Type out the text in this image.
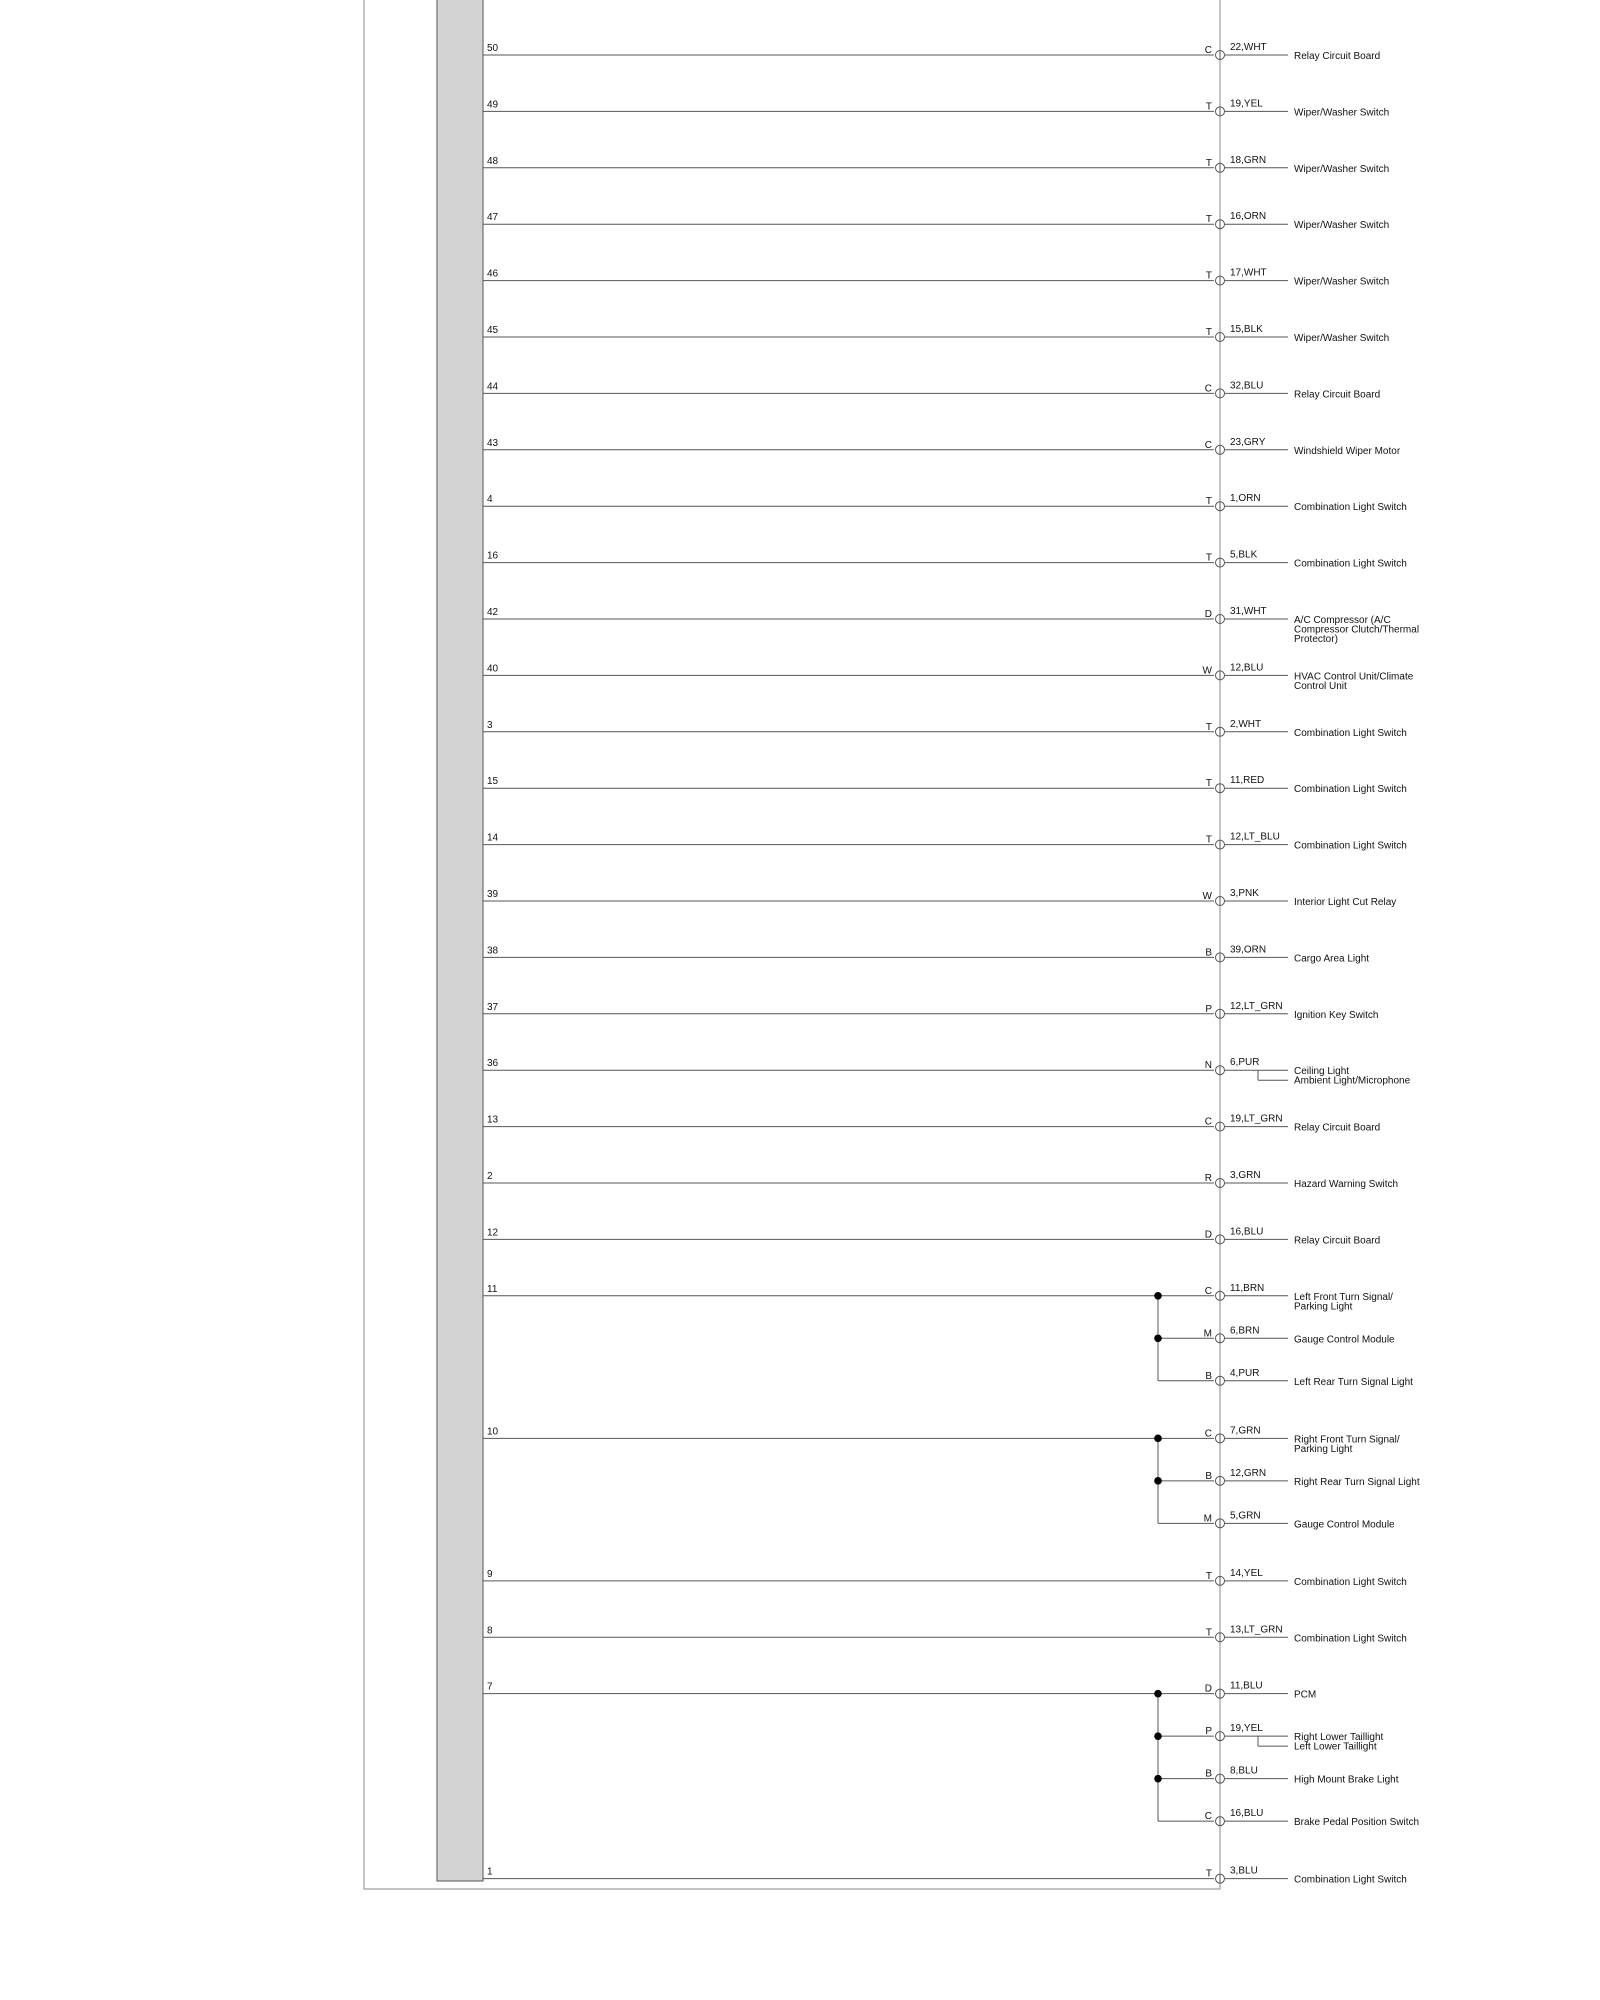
50	C 22,WHT
Relay Circuit Board
49	T 19,YEL
Wiper/Washer Switch
48	T 18,GRN
Wiper/Washer Switch
47	T 16,ORN
Wiper/Washer Switch
46	T 17,WHT
Wiper/Washer Switch
45	T 15,BLK
Wiper/Washer Switch
44	C 32,BLU
Relay Circuit Board
43	C 23,GRY
Windshield Wiper Motor
4	T 1,ORN
Combination Light Switch
16	T 5,BLK
Combination Light Switch
42	D 31,WHT
A/C Compressor (A/C
Compressor Clutch/Thermal
Protector)
40	W 12,BLU
HVAC Control Unit/Climate
Control Unit
3	T 2,WHT
Combination Light Switch
15	T 11,RED
Combination Light Switch
14	T 12,LT_BLU
Combination Light Switch
39	W 3,PNK
Interior Light Cut Relay
38	B 39,ORN
Cargo Area Light
37	P 12,LT_GRN
Ignition Key Switch
36	N 6,PUR
Ceiling Light
Ambient Light/Microphone
13	C 19,LT_GRN
Relay Circuit Board
2	R 3,GRN
Hazard Warning Switch
12	D 16,BLU
Relay Circuit Board
11	C 11,BRN
Left Front Turn Signal/
Parking Light
M 6,BRN
Gauge Control Module
B 4,PUR
Left Rear Turn Signal Light
10	C 7,GRN
Right Front Turn Signal/
Parking Light
B 12,GRN
Right Rear Turn Signal Light
M 5,GRN
Gauge Control Module
9	T 14,YEL
Combination Light Switch
8	T 13,LT_GRN
Combination Light Switch
7	D 11,BLU
PCM
P 19,YEL
Right Lower Taillight
Left Lower Taillight
B 8,BLU
High Mount Brake Light
C 16,BLU
Brake Pedal Position Switch
1	T 3,BLU
Combination Light Switch
